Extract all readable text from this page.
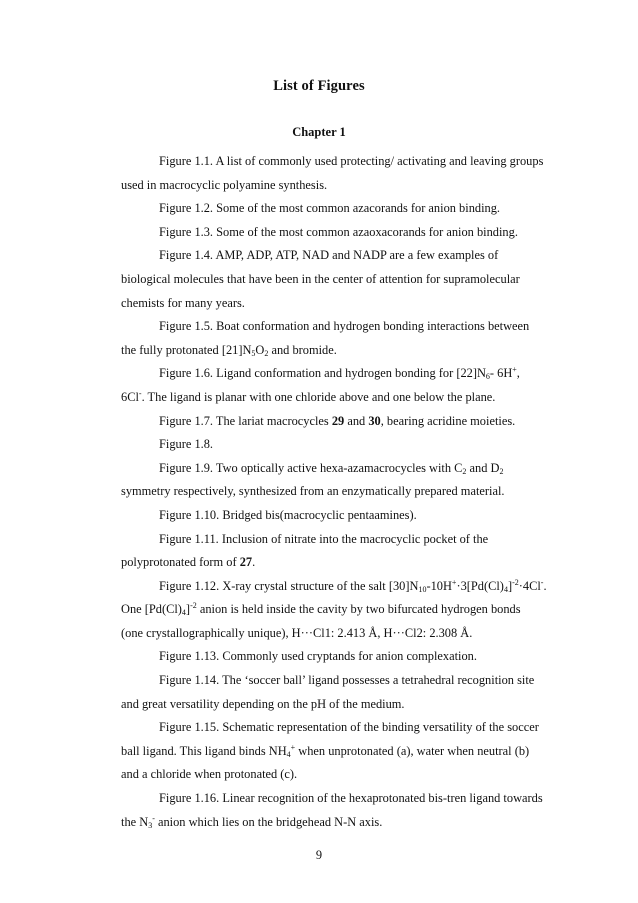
List of Figures
Chapter 1
Figure 1.1. A list of commonly used protecting/ activating and leaving groups
used in macrocyclic polyamine synthesis.
Figure 1.2. Some of the most common azacorands for anion binding.
Figure 1.3. Some of the most common azaoxacorands for anion binding.
Figure 1.4. AMP, ADP, ATP, NAD and NADP are a few examples of
biological molecules that have been in the center of attention for supramolecular
chemists for many years.
Figure 1.5. Boat conformation and hydrogen bonding interactions between
the fully protonated $[21]N_5O_2$ and bromide.
Figure 1.6. Ligand conformation and hydrogen bonding for $[22]N_6-$ 6H+,
6Cl-. The ligand is planar with one chloride above and one below the plane.
Figure 1.7. The lariat macrocycles 29 and 30, bearing acridine moieties.
Figure 1.8.
Figure 1.9. Two optically active hexa-azamacrocycles with $C_2$ and $D_2$
symmetry respectively, synthesized from an enzymatically prepared material.
Figure 1.10. Bridged bis(macrocyclic pentaamines).
Figure 1.11. Inclusion of nitrate into the macrocyclic pocket of the
polyprotonated form of 27.
Figure 1.12. X-ray crystal structure of the salt $[30]N_{10}-10H^+\cdot 3[Pd(Cl)_4]^{-2}\cdot 4Cl^-$.
One $[Pd(Cl)_4]^{-2}$ anion is held inside the cavity by two bifurcated hydrogen bonds
(one crystallographically unique), H···Cl1: 2.413 Å, H···Cl2: 2.308 Å.
Figure 1.13. Commonly used cryptands for anion complexation.
Figure 1.14. The ‘soccer ball’ ligand possesses a tetrahedral recognition site
and great versatility depending on the pH of the medium.
Figure 1.15. Schematic representation of the binding versatility of the soccer
ball ligand. This ligand binds $NH_4^+$ when unprotonated (a), water when neutral (b)
and a chloride when protonated (c).
Figure 1.16. Linear recognition of the hexaprotonated bis-tren ligand towards
the $N_3^-$ anion which lies on the bridgehead N-N axis.
9
